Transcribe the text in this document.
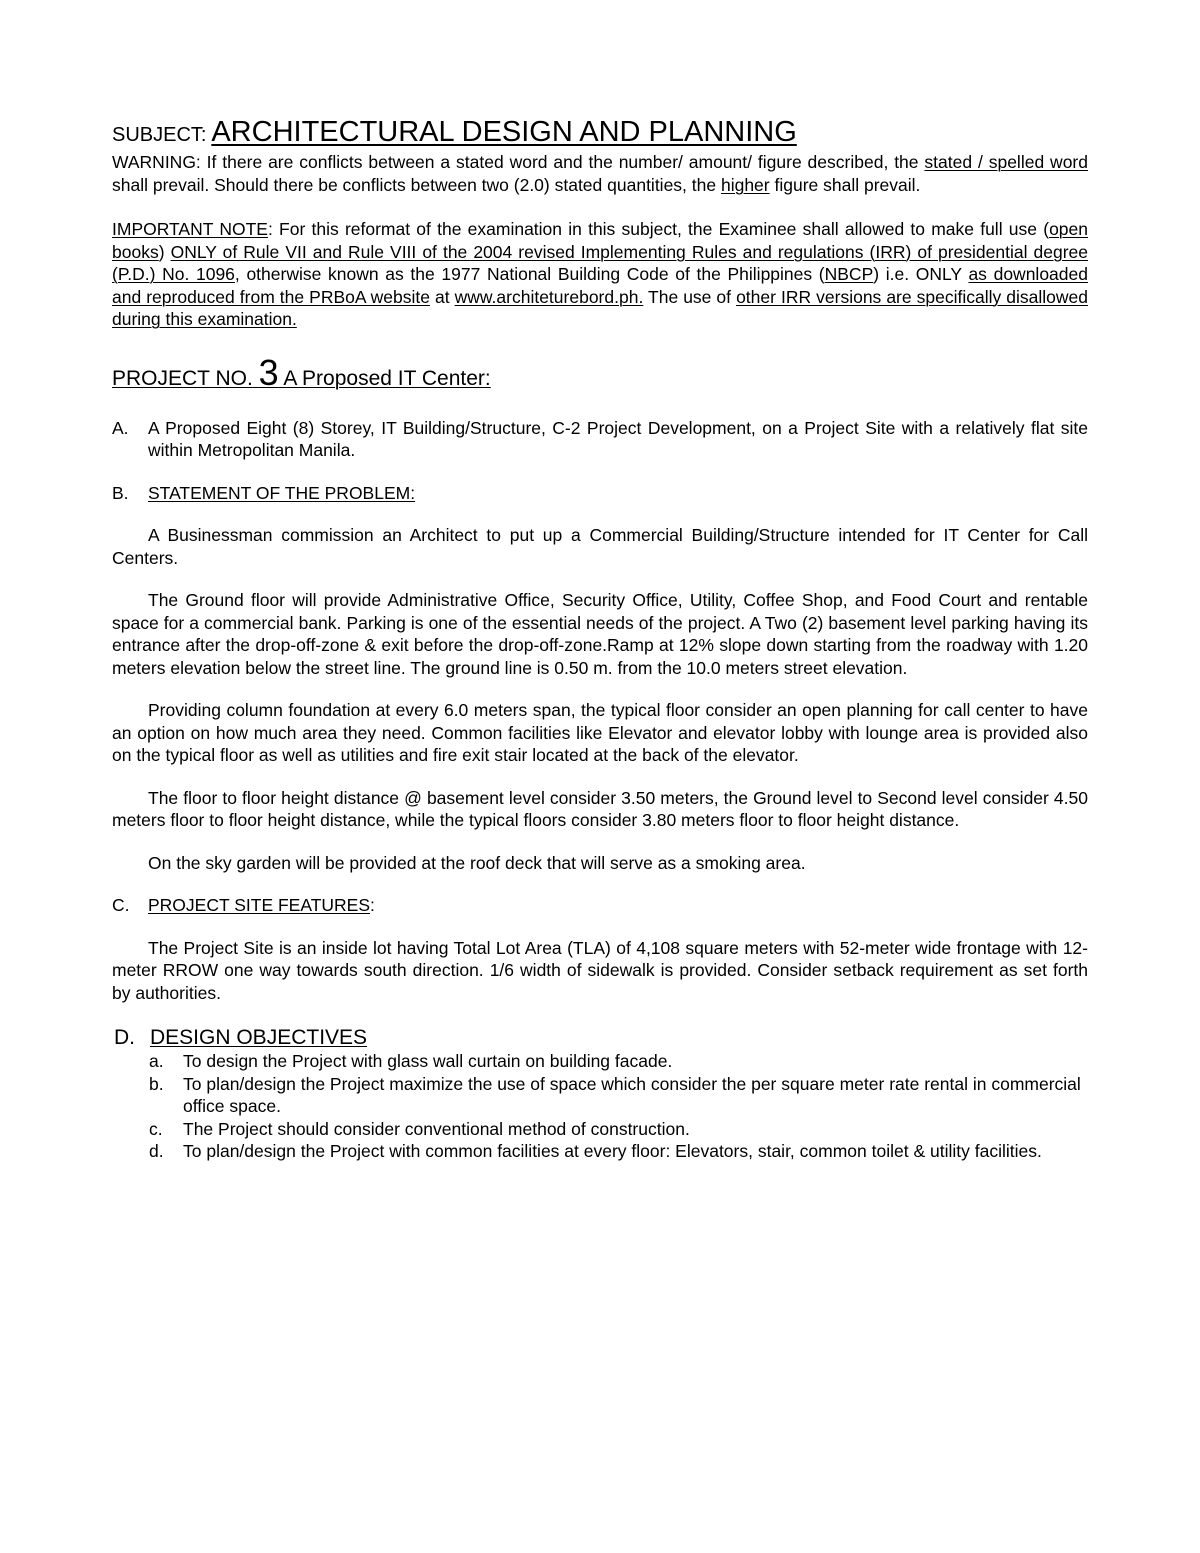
SUBJECT: ARCHITECTURAL DESIGN AND PLANNING

WARNING: If there are conflicts between a stated word and the number/ amount/ figure described, the stated / spelled word shall prevail. Should there be conflicts between two (2.0) stated quantities, the higher figure shall prevail.

IMPORTANT NOTE: For this reformat of the examination in this subject, the Examinee shall allowed to make full use (open books) ONLY of Rule VII and Rule VIII of the 2004 revised Implementing Rules and regulations (IRR) of presidential degree (P.D.) No. 1096, otherwise known as the 1977 National Building Code of the Philippines (NBCP) i.e. ONLY as downloaded and reproduced from the PRBoA website at www.architeturebord.ph. The use of other IRR versions are specifically disallowed during this examination.

PROJECT NO. 3 A Proposed IT Center:

A.	A Proposed Eight (8) Storey, IT Building/Structure, C-2 Project Development, on a Project Site with a relatively flat site within Metropolitan Manila.
B.	STATEMENT OF THE PROBLEM:

A Businessman commission an Architect to put up a Commercial Building/Structure intended for IT Center for Call Centers.

The Ground floor will provide Administrative Office, Security Office, Utility, Coffee Shop, and Food Court and rentable space for a commercial bank. Parking is one of the essential needs of the project. A Two (2) basement level parking having its entrance after the drop-off-zone & exit before the drop-off-zone.Ramp at 12% slope down starting from the roadway with 1.20 meters elevation below the street line. The ground line is 0.50 m. from the 10.0 meters street elevation.

Providing column foundation at every 6.0 meters span, the typical floor consider an open planning for call center to have an option on how much area they need. Common facilities like Elevator and elevator lobby with lounge area is provided also on the typical floor as well as utilities and fire exit stair located at the back of the elevator.

The floor to floor height distance @ basement level consider 3.50 meters, the Ground level to Second level consider 4.50 meters floor to floor height distance, while the typical floors consider 3.80 meters floor to floor height distance.

On the sky garden will be provided at the roof deck that will serve as a smoking area.

C.	PROJECT SITE FEATURES:

The Project Site is an inside lot having Total Lot Area (TLA) of 4,108 square meters with 52-meter wide frontage with 12-meter RROW one way towards south direction. 1/6 width of sidewalk is provided. Consider setback requirement as set forth by authorities.

D. DESIGN OBJECTIVES
a.	To design the Project with glass wall curtain on building facade.
b.	To plan/design the Project maximize the use of space which consider the per square meter rate rental in commercial office space.
c.	The Project should consider conventional method of construction.
d.	To plan/design the Project with common facilities at every floor: Elevators, stair, common toilet & utility facilities.
